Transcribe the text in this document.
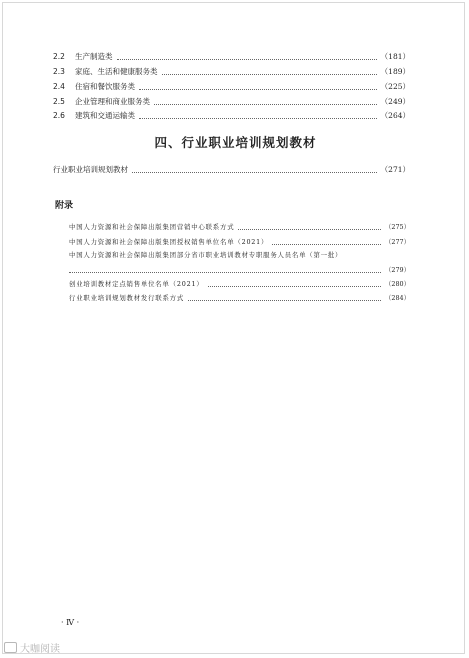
2.2	生产制造类	（181）
2.3	家庭、生活和健康服务类	（189）
2.4	住宿和餐饮服务类	（225）
2.5	企业管理和商业服务类	（249）
2.6	建筑和交通运输类	（264）
四、行业职业培训规划教材
行业职业培训规划教材	（271）
附录
中国人力资源和社会保障出版集团营销中心联系方式	（275）
中国人力资源和社会保障出版集团授权销售单位名单（2021）	（277）
中国人力资源和社会保障出版集团部分省市职业培训教材专职服务人员名单（第一批）
（279）
创业培训教材定点销售单位名单（2021）	（280）
行业职业培训规划教材发行联系方式	（284）
· Ⅳ ·
大咖阅读
